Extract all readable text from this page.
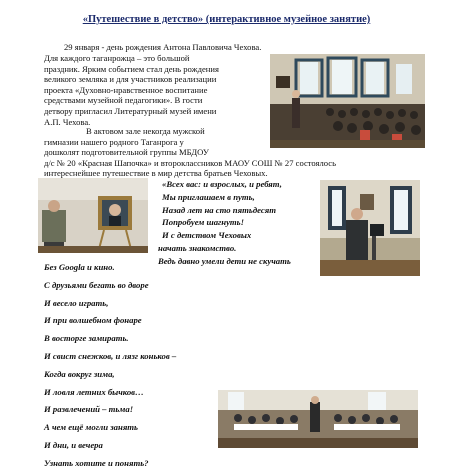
«Путешествие в детство» (интерактивное музейное занятие)
29 января - день рождения Антона Павловича Чехова.
Для каждого таганрожца – это большой
праздник. Ярким событием стал день рождения
великого земляка и для участников реализации
проекта «Духовно-нравственное воспитание
средствами музейной педагогики». В гости
детвору пригласил Литературный музей имени
А.П. Чехова.
В актовом зале некогда мужской
гимназии нашего родного Таганрога у
дошколят подготовительной группы МБДОУ
д/с № 20 «Красная Шапочка» и второклассников МАОУ СОШ № 27 состоялось
интереснейшее путешествие в мир детства братьев Чеховых.
«Всех вас: и взрослых, и ребят,
Мы приглашаем в путь,
Назад лет на сто пятьдесят
Попробуем шагнуть!
И с детством Чеховых
начать знакомство.
Ведь давно умели дети не скучать
Без Googla и кино.
С друзьями бегать во дворе
И весело играть,
И при волшебном фонаре
В восторге замирать.
И свист снежков, и лязг коньков –
Когда вокруг зима,
И ловля летних бычков…
И развлечений – тьма!
А чем ещё могли занять
И дни, и вечера
Узнать хотите и понять?
